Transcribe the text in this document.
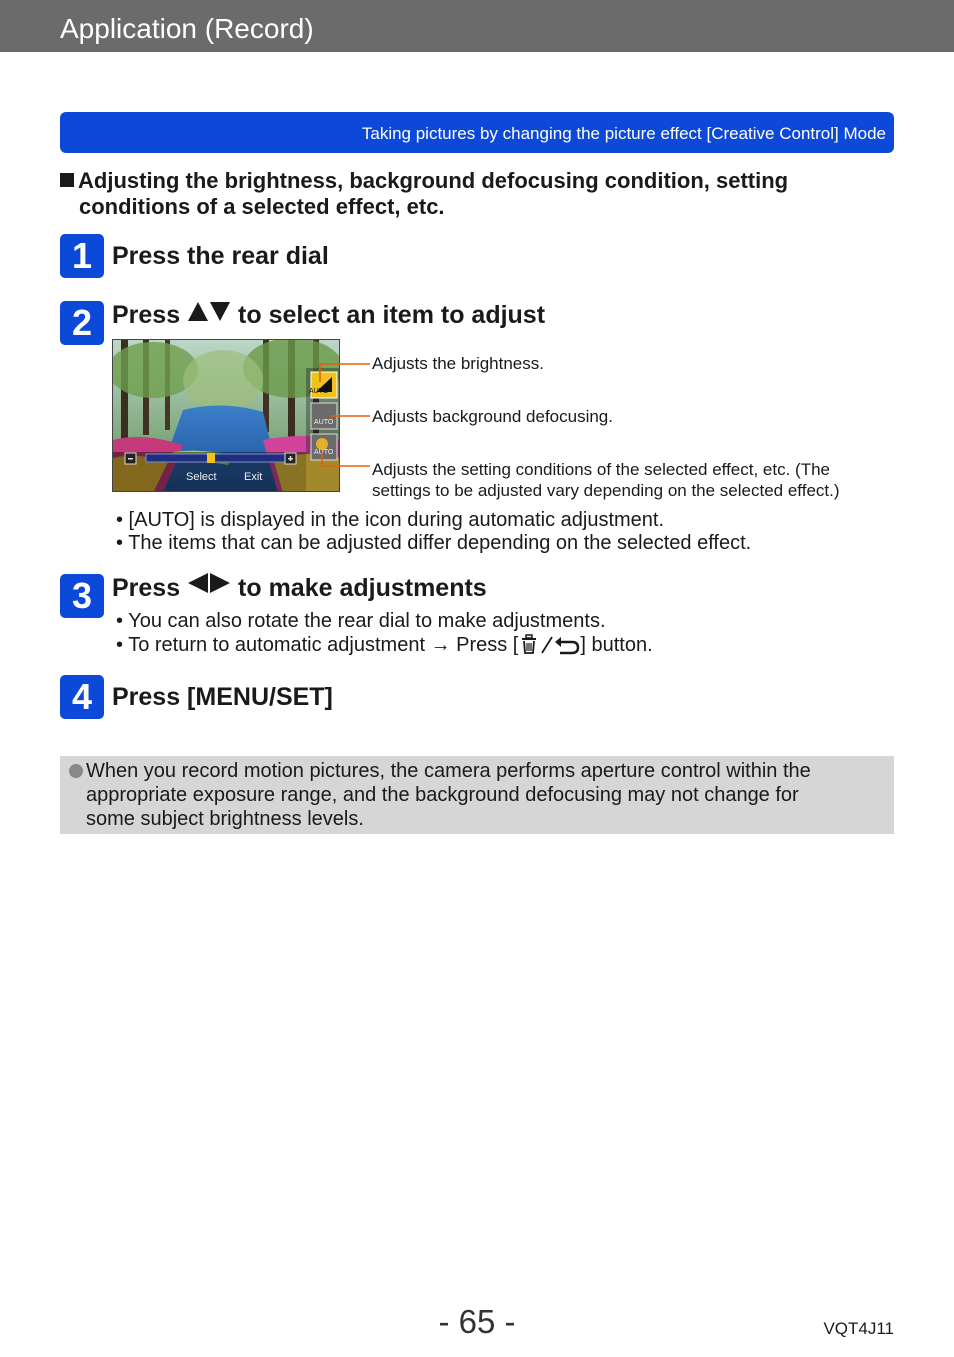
Application (Record)
Taking pictures by changing the picture effect [Creative Control] Mode
Adjusting the brightness, background defocusing condition, setting
conditions of a selected effect, etc.
1 Press the rear dial
2 Press to select an item to adjust
AUTO
AUTO
AUTO
Select Exit
Adjusts the brightness.
Adjusts background defocusing.
Adjusts the setting conditions of the selected effect, etc. (The
settings to be adjusted vary depending on the selected effect.)
• [AUTO] is displayed in the icon during automatic adjustment.
• The items that can be adjusted differ depending on the selected effect.
3 Press to make adjustments
• You can also rotate the rear dial to make adjustments.
• To return to automatic adjustment → Press [	] button.
4 Press [MENU/SET]
When you record motion pictures, the camera performs aperture control within the
appropriate exposure range, and the background defocusing may not change for
some subject brightness levels.
- 65 -	VQT4J11
